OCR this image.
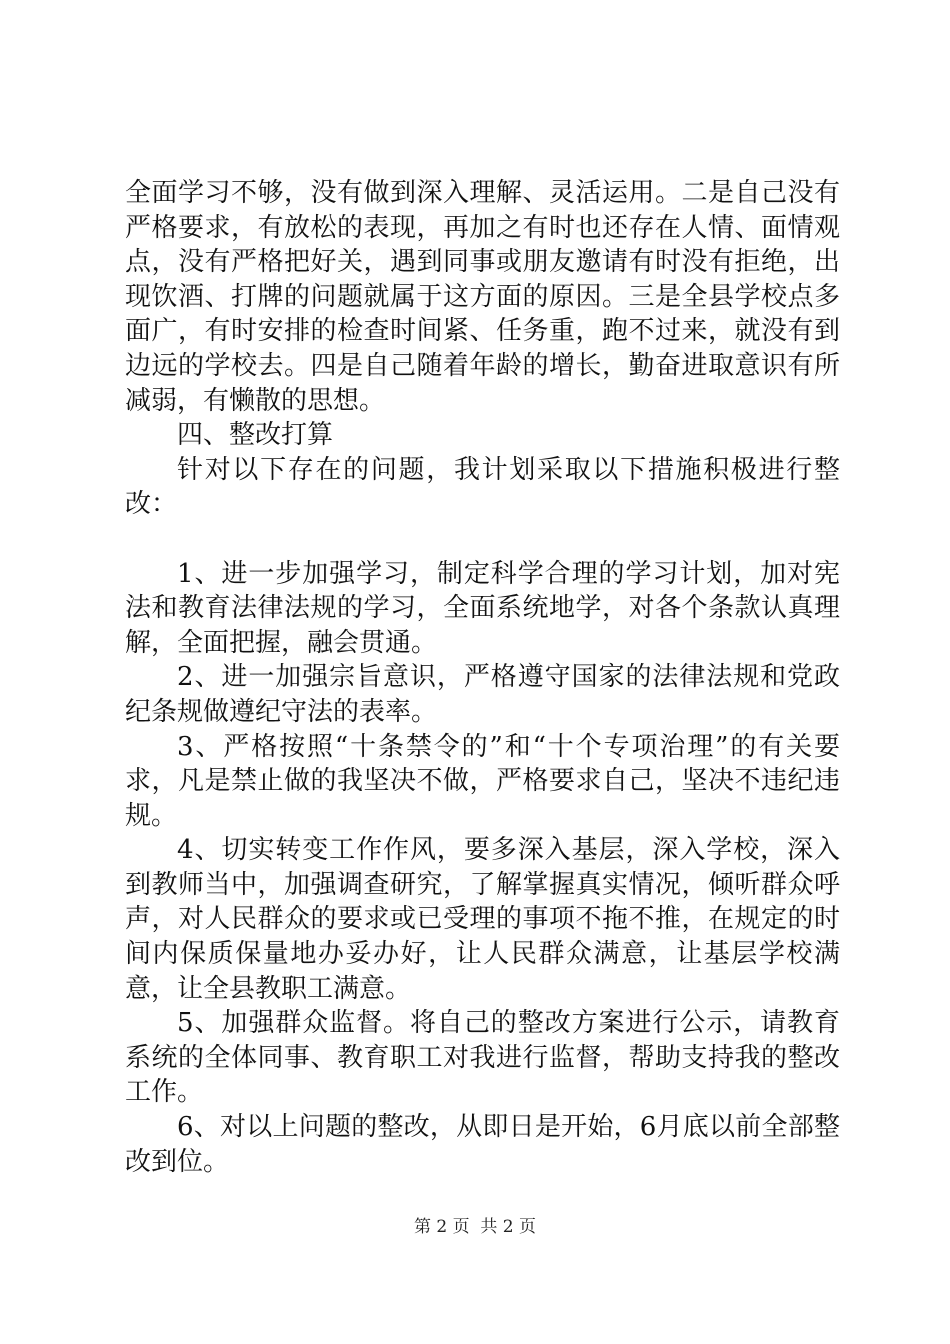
全面学习不够，没有做到深入理解、灵活运用。二是自己没有严格要求，有放松的表现，再加之有时也还存在人情、面情观点，没有严格把好关，遇到同事或朋友邀请有时没有拒绝，出现饮酒、打牌的问题就属于这方面的原因。三是全县学校点多面广，有时安排的检查时间紧、任务重，跑不过来，就没有到边远的学校去。四是自己随着年龄的增长，勤奋进取意识有所减弱，有懒散的思想。

四、整改打算

针对以下存在的问题，我计划采取以下措施积极进行整改：

1、进一步加强学习，制定科学合理的学习计划，加对宪法和教育法律法规的学习，全面系统地学，对各个条款认真理解，全面把握，融会贯通。

2、进一加强宗旨意识，严格遵守国家的法律法规和党政纪条规做遵纪守法的表率。

3、严格按照“十条禁令的”和“十个专项治理”的有关要求，凡是禁止做的我坚决不做，严格要求自己，坚决不违纪违规。

4、切实转变工作作风，要多深入基层，深入学校，深入到教师当中，加强调查研究，了解掌握真实情况，倾听群众呼声，对人民群众的要求或已受理的事项不拖不推，在规定的时间内保质保量地办妥办好，让人民群众满意，让基层学校满意，让全县教职工满意。

5、加强群众监督。将自己的整改方案进行公示，请教育系统的全体同事、教育职工对我进行监督，帮助支持我的整改工作。

6、对以上问题的整改，从即日是开始，6月底以前全部整改到位。

第 2 页  共 2 页
